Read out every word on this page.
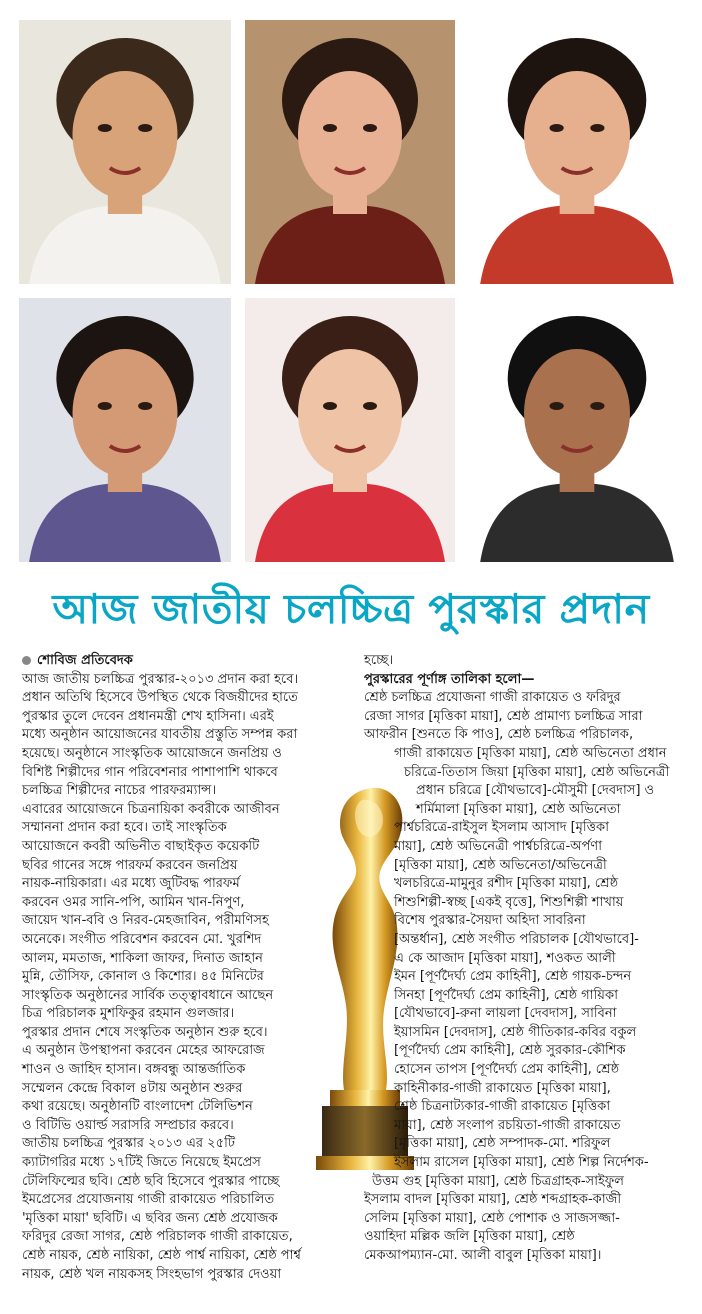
আজ জাতীয় চলচ্চিত্র পুরস্কার প্রদান

শোবিজ প্রতিবেদক

আজ জাতীয় চলচ্চিত্র পুরস্কার-২০১৩ প্রদান করা হবে।

প্রধান অতিথি হিসেবে উপস্থিত থেকে বিজয়ীদের হাতে

পুরস্কার তুলে দেবেন প্রধানমন্ত্রী শেখ হাসিনা। এরই

মধ্যে অনুষ্ঠান আয়োজনের যাবতীয় প্রস্তুতি সম্পন্ন করা

হয়েছে। অনুষ্ঠানে সাংস্কৃতিক আয়োজনে জনপ্রিয় ও

বিশিষ্ট শিল্পীদের গান পরিবেশনার পাশাপাশি থাকবে

চলচ্চিত্র শিল্পীদের নাচের পারফরম্যান্স।

এবারের আয়োজনে চিত্রনায়িকা কবরীকে আজীবন

সম্মাননা প্রদান করা হবে। তাই সাংস্কৃতিক

আয়োজনে কবরী অভিনীত বাছাইকৃত কয়েকটি

ছবির গানের সঙ্গে পারফর্ম করবেন জনপ্রিয়

নায়ক-নায়িকারা। এর মধ্যে জুটিবদ্ধ পারফর্ম

করবেন ওমর সানি-পপি, আমিন খান-নিপুণ,

জায়েদ খান-ববি ও নিরব-মেহজাবিন, পরীমণিসহ

অনেকে। সংগীত পরিবেশন করবেন মো. খুরশিদ

আলম, মমতাজ, শাকিলা জাফর, দিনাত জাহান

মুন্নি, তৌসিফ, কোনাল ও কিশোর। ৪৫ মিনিটের

সাংস্কৃতিক অনুষ্ঠানের সার্বিক তত্ত্বাবধানে আছেন

চিত্র পরিচালক মুশফিকুর রহমান গুলজার।

পুরস্কার প্রদান শেষে সংস্কৃতিক অনুষ্ঠান শুরু হবে।

এ অনুষ্ঠান উপস্থাপনা করবেন মেহের আফরোজ

শাওন ও জাহিদ হাসান। বঙ্গবন্ধু আন্তর্জাতিক

সম্মেলন কেন্দ্রে বিকাল ৪টায় অনুষ্ঠান শুরুর

কথা রয়েছে। অনুষ্ঠানটি বাংলাদেশ টেলিভিশন

ও বিটিভি ওয়ার্ল্ড সরাসরি সম্প্রচার করবে।

জাতীয় চলচ্চিত্র পুরস্কার ২০১৩ এর ২৫টি

ক্যাটাগরির মধ্যে ১৭টিই জিতে নিয়েছে ইমপ্রেস

টেলিফিল্মের ছবি। শ্রেষ্ঠ ছবি হিসেবে পুরস্কার পাচ্ছে

ইমপ্রেসের প্রযোজনায় গাজী রাকায়েত পরিচালিত

'মৃত্তিকা মায়া' ছবিটি। এ ছবির জন্য শ্রেষ্ঠ প্রযোজক

ফরিদুর রেজা সাগর, শ্রেষ্ঠ পরিচালক গাজী রাকায়েত,

শ্রেষ্ঠ নায়ক, শ্রেষ্ঠ নায়িকা, শ্রেষ্ঠ পার্শ্ব নায়িকা, শ্রেষ্ঠ পার্শ্ব

নায়ক, শ্রেষ্ঠ খল নায়কসহ সিংহভাগ পুরস্কার দেওয়া

হচ্ছে।

পুরস্কারের পূর্ণাঙ্গ তালিকা হলো—

শ্রেষ্ঠ চলচ্চিত্র প্রযোজনা গাজী রাকায়েত ও ফরিদুর

রেজা সাগর [মৃত্তিকা মায়া], শ্রেষ্ঠ প্রামাণ্য চলচ্চিত্র সারা

আফরীন [শুনতে কি পাও], শ্রেষ্ঠ চলচ্চিত্র পরিচালক,

গাজী রাকায়েত [মৃত্তিকা মায়া], শ্রেষ্ঠ অভিনেতা প্রধান

চরিত্রে-তিতাস জিয়া [মৃত্তিকা মায়া], শ্রেষ্ঠ অভিনেত্রী

প্রধান চরিত্রে [যৌথভাবে]-মৌসুমী [দেবদাস] ও

শর্মিমালা [মৃত্তিকা মায়া], শ্রেষ্ঠ অভিনেতা

পার্শ্বচরিত্রে-রাইসুল ইসলাম আসাদ [মৃত্তিকা

মায়া], শ্রেষ্ঠ অভিনেত্রী পার্শ্বচরিত্রে-অর্পণা

[মৃত্তিকা মায়া], শ্রেষ্ঠ অভিনেতা/অভিনেত্রী

খলচরিত্রে-মামুনুর রশীদ [মৃত্তিকা মায়া], শ্রেষ্ঠ

শিশুশিল্পী-স্বচ্ছ [একই বৃত্তে], শিশুশিল্পী শাখায়

বিশেষ পুরস্কার-সৈয়দা অহিদা সাবরিনা

[অন্তর্ধান], শ্রেষ্ঠ সংগীত পরিচালক [যৌথভাবে]-

এ কে আজাদ [মৃত্তিকা মায়া], শওকত আলী

ইমন [পূর্ণদৈর্ঘ্য প্রেম কাহিনী], শ্রেষ্ঠ গায়ক-চন্দন

সিনহা [পূর্ণদৈর্ঘ্য প্রেম কাহিনী], শ্রেষ্ঠ গায়িকা

[যৌথভাবে]-রুনা লায়লা [দেবদাস], সাবিনা

ইয়াসমিন [দেবদাস], শ্রেষ্ঠ গীতিকার-কবির বকুল

[পূর্ণদৈর্ঘ্য প্রেম কাহিনী], শ্রেষ্ঠ সুরকার-কৌশিক

হোসেন তাপস [পূর্ণদৈর্ঘ্য প্রেম কাহিনী], শ্রেষ্ঠ

কাহিনীকার-গাজী রাকায়েত [মৃত্তিকা মায়া],

শ্রেষ্ঠ চিত্রনাট্যকার-গাজী রাকায়েত [মৃত্তিকা

মায়া], শ্রেষ্ঠ সংলাপ রচয়িতা-গাজী রাকায়েত

[মৃত্তিকা মায়া], শ্রেষ্ঠ সম্পাদক-মো. শরিফুল

ইসলাম রাসেল [মৃত্তিকা মায়া], শ্রেষ্ঠ শিল্প নির্দেশক-

উত্তম গুহ [মৃত্তিকা মায়া], শ্রেষ্ঠ চিত্রগ্রাহক-সাইফুল

ইসলাম বাদল [মৃত্তিকা মায়া], শ্রেষ্ঠ শব্দগ্রাহক-কাজী

সেলিম [মৃত্তিকা মায়া], শ্রেষ্ঠ পোশাক ও সাজসজ্জা-

ওয়াহিদা মল্লিক জলি [মৃত্তিকা মায়া], শ্রেষ্ঠ

মেকআপম্যান-মো. আলী বাবুল [মৃত্তিকা মায়া]।
